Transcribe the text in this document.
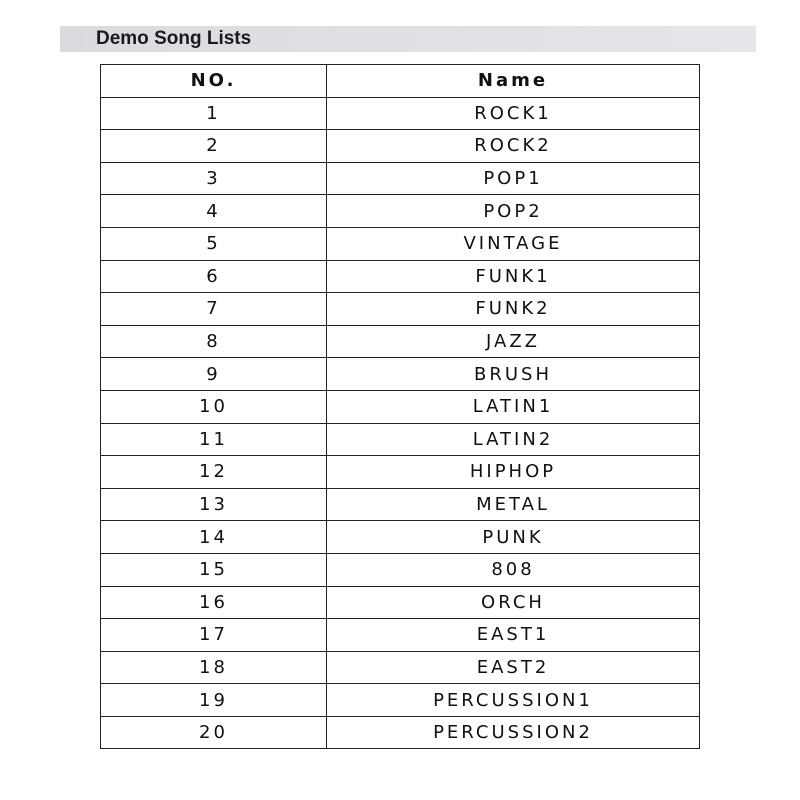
Demo Song Lists
NO.	Name
1	ROCK1
2	ROCK2
3	POP1
4	POP2
5	VINTAGE
6	FUNK1
7	FUNK2
8	JAZZ
9	BRUSH
10	LATIN1
11	LATIN2
12	HIPHOP
13	METAL
14	PUNK
15	808
16	ORCH
17	EAST1
18	EAST2
19	PERCUSSION1
20	PERCUSSION2
